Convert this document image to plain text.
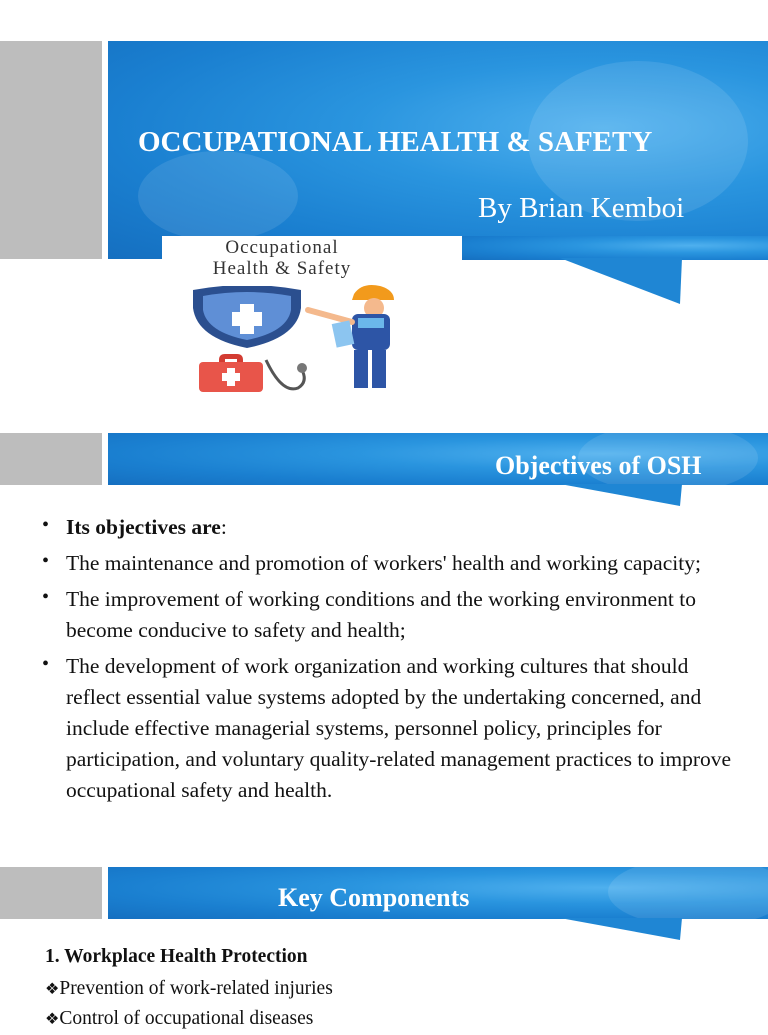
OCCUPATIONAL HEALTH & SAFETY
By Brian Kemboi
Occupational
Health & Safety
Objectives of OSH
• Its objectives are:
• The maintenance and promotion of workers' health and working capacity;
• The improvement of working conditions and the working environment to become conducive to safety and health;
• The development of work organization and working cultures that should reflect essential value systems adopted by the undertaking concerned, and include effective managerial systems, personnel policy, principles for participation, and voluntary quality-related management practices to improve occupational safety and health.
Key Components
1. Workplace Health Protection
❖Prevention of work-related injuries
❖Control of occupational diseases
